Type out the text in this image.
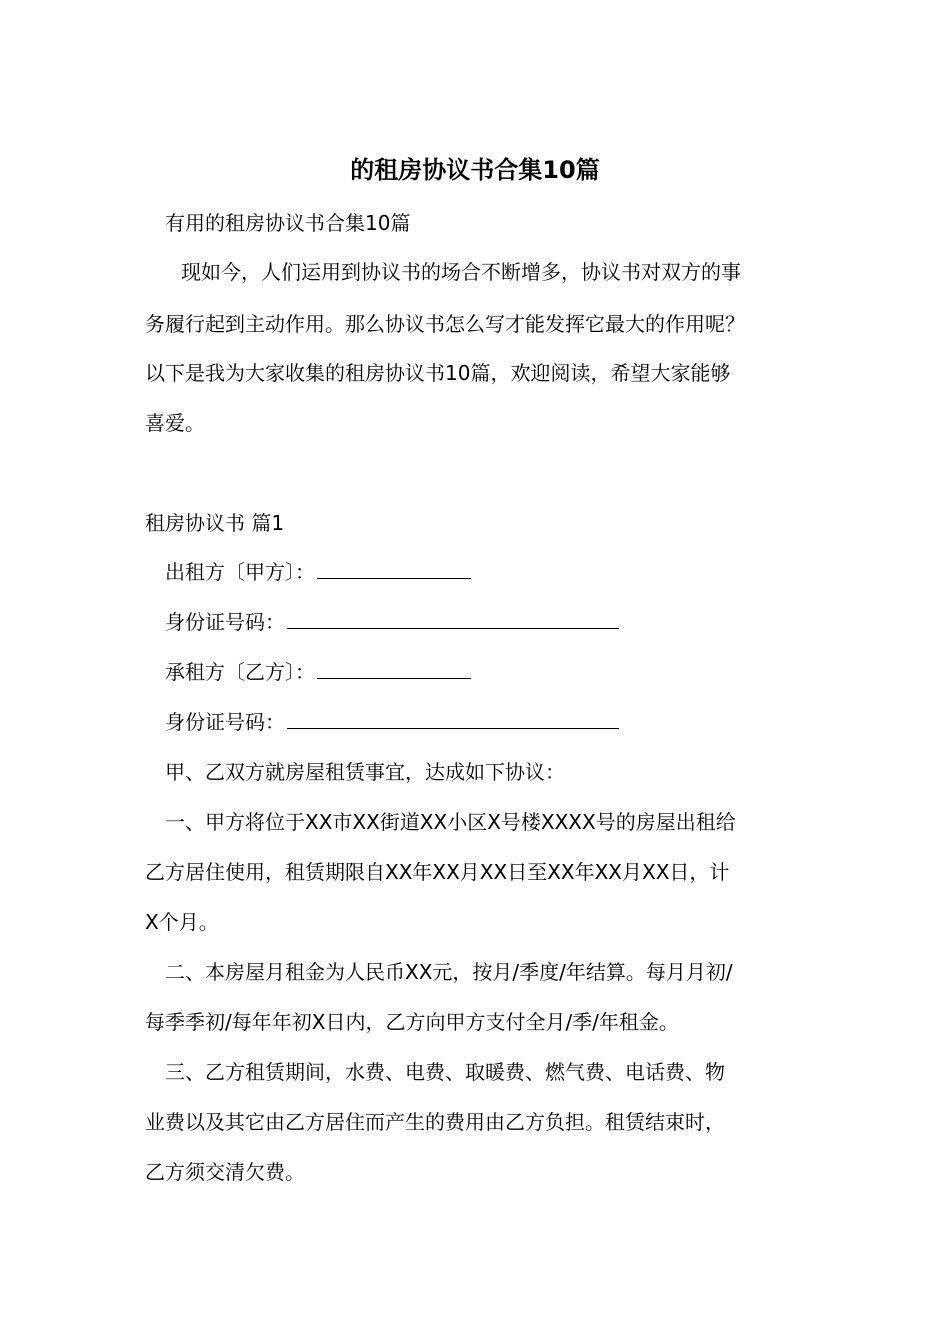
的租房协议书合集10篇

有用的租房协议书合集10篇

现如今，人们运用到协议书的场合不断增多，协议书对双方的事

务履行起到主动作用。那么协议书怎么写才能发挥它最大的作用呢？

以下是我为大家收集的租房协议书10篇，欢迎阅读，希望大家能够

喜爱。

租房协议书 篇1

出租方〔甲方〕：

身份证号码：

承租方〔乙方〕：

身份证号码：

甲、乙双方就房屋租赁事宜，达成如下协议：

一、甲方将位于XX市XX街道XX小区X号楼XXXX号的房屋出租给

乙方居住使用，租赁期限自XX年XX月XX日至XX年XX月XX日，计

X个月。

二、本房屋月租金为人民币XX元，按月/季度/年结算。每月月初/

每季季初/每年年初X日内，乙方向甲方支付全月/季/年租金。

三、乙方租赁期间，水费、电费、取暖费、燃气费、电话费、物

业费以及其它由乙方居住而产生的费用由乙方负担。租赁结束时，

乙方须交清欠费。
